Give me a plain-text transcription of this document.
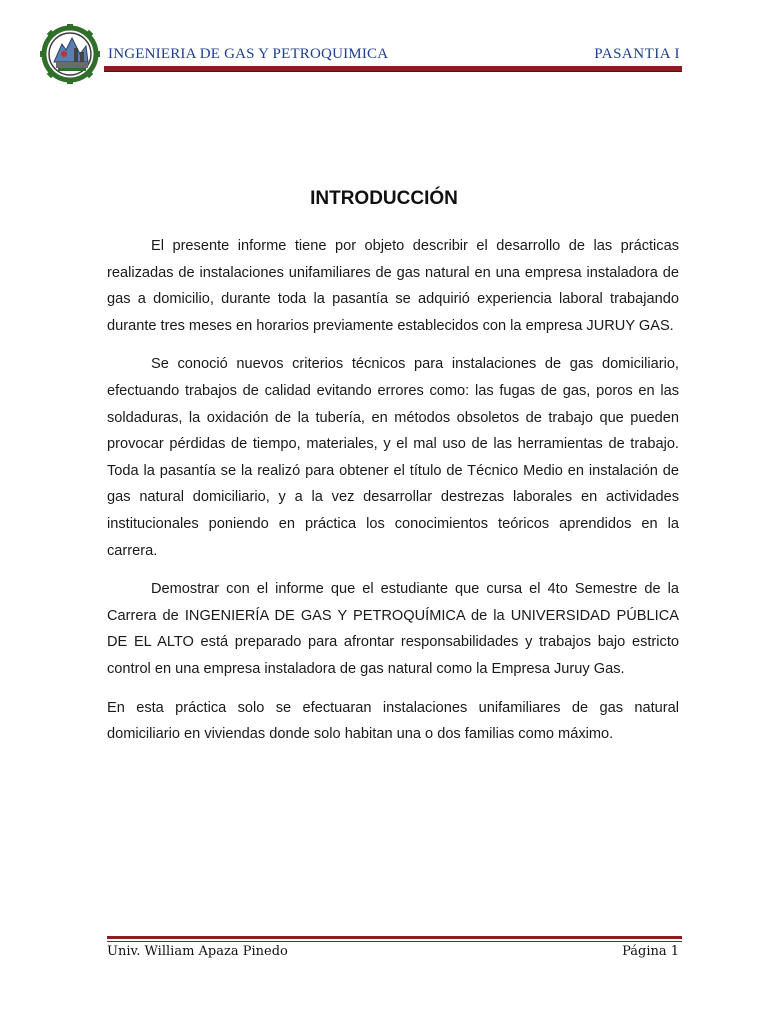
INGENIERIA DE GAS Y PETROQUIMICA	PASANTIA I
INTRODUCCIÓN

El presente informe tiene por objeto describir el desarrollo de las prácticas realizadas de instalaciones unifamiliares de gas natural en una empresa instaladora de gas a domicilio, durante toda la pasantía se adquirió experiencia laboral trabajando durante tres meses en horarios previamente establecidos con la empresa JURUY GAS.

Se conoció nuevos criterios técnicos para instalaciones de gas domiciliario, efectuando trabajos de calidad evitando errores como: las fugas de gas, poros en las soldaduras, la oxidación de la tubería, en métodos obsoletos de trabajo que pueden provocar pérdidas de tiempo, materiales, y el mal uso de las herramientas de trabajo. Toda la pasantía se la realizó para obtener el título de Técnico Medio en instalación de gas natural domiciliario, y a la vez desarrollar destrezas laborales en actividades institucionales poniendo en práctica los conocimientos teóricos aprendidos en la carrera.

Demostrar con el informe que el estudiante que cursa el 4to Semestre de la Carrera de INGENIERÍA DE GAS Y PETROQUÍMICA de la UNIVERSIDAD PÚBLICA DE EL ALTO está preparado para afrontar responsabilidades y trabajos bajo estricto control en una empresa instaladora de gas natural como la Empresa Juruy Gas.

En esta práctica solo se efectuaran instalaciones unifamiliares de gas natural domiciliario en viviendas donde solo habitan una o dos familias como máximo.

Univ. William Apaza Pinedo	Página 1
